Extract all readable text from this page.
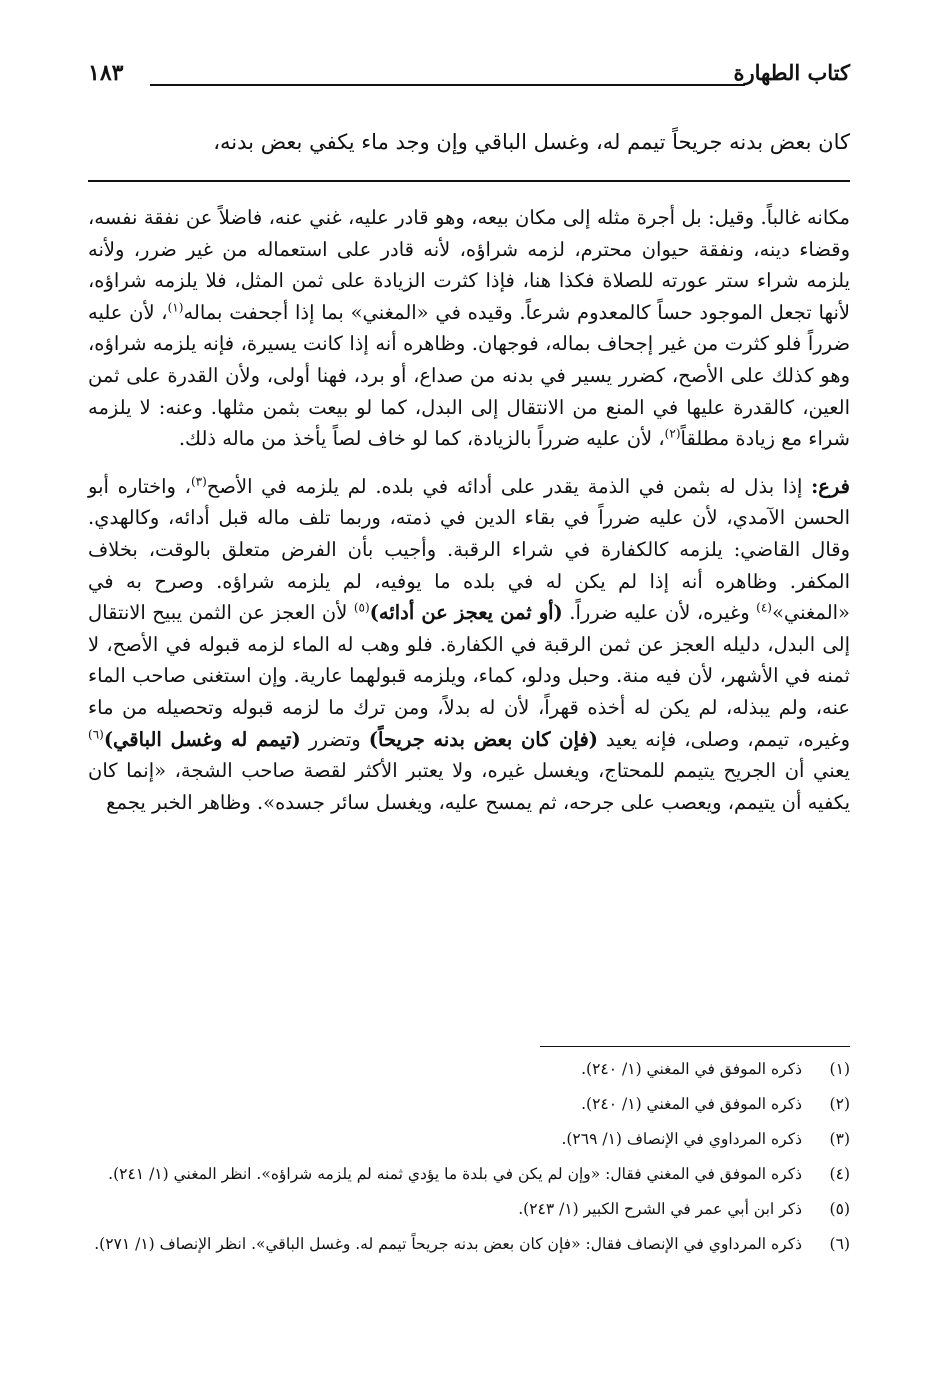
كتاب الطهارة
١٨٣
كان بعض بدنه جريحاً تيمم له، وغسل الباقي وإن وجد ماء يكفي بعض بدنه،

مكانه غالباً. وقيل: بل أجرة مثله إلى مكان بيعه، وهو قادر عليه، غني عنه، فاضلاً عن نفقة نفسه، وقضاء دينه، ونفقة حيوان محترم، لزمه شراؤه، لأنه قادر على استعماله من غير ضرر، ولأنه يلزمه شراء ستر عورته للصلاة فكذا هنا، فإذا كثرت الزيادة على ثمن المثل، فلا يلزمه شراؤه، لأنها تجعل الموجود حساً كالمعدوم شرعاً. وقيده في «المغني» بما إذا أجحفت بماله$^{(١)}$، لأن عليه ضرراً فلو كثرت من غير إجحاف بماله، فوجهان. وظاهره أنه إذا كانت يسيرة، فإنه يلزمه شراؤه، وهو كذلك على الأصح، كضرر يسير في بدنه من صداع، أو برد، فهنا أولى، ولأن القدرة على ثمن العين، كالقدرة عليها في المنع من الانتقال إلى البدل، كما لو بيعت بثمن مثلها. وعنه: لا يلزمه شراء مع زيادة مطلقاً$^{(٢)}$، لأن عليه ضرراً بالزيادة، كما لو خاف لصاً يأخذ من ماله ذلك.

فرع: إذا بذل له بثمن في الذمة يقدر على أدائه في بلده. لم يلزمه في الأصح$^{(٣)}$، واختاره أبو الحسن الآمدي، لأن عليه ضرراً في بقاء الدين في ذمته، وربما تلف ماله قبل أدائه، وكالهدي. وقال القاضي: يلزمه كالكفارة في شراء الرقبة. وأجيب بأن الفرض متعلق بالوقت، بخلاف المكفر. وظاهره أنه إذا لم يكن له في بلده ما يوفيه، لم يلزمه شراؤه. وصرح به في «المغني»$^{(٤)}$ وغيره، لأن عليه ضرراً. (أو ثمن يعجز عن أدائه)$^{(٥)}$ لأن العجز عن الثمن يبيح الانتقال إلى البدل، دليله العجز عن ثمن الرقبة في الكفارة. فلو وهب له الماء لزمه قبوله في الأصح، لا ثمنه في الأشهر، لأن فيه منة. وحبل ودلو، كماء، ويلزمه قبولهما عارية. وإن استغنى صاحب الماء عنه، ولم يبذله، لم يكن له أخذه قهراً، لأن له بدلاً، ومن ترك ما لزمه قبوله وتحصيله من ماء وغيره، تيمم، وصلى، فإنه يعيد (فإن كان بعض بدنه جريحاً) وتضرر (تيمم له وغسل الباقي)$^{(٦)}$ يعني أن الجريح يتيمم للمحتاج، ويغسل غيره، ولا يعتبر الأكثر لقصة صاحب الشجة، «إنما كان يكفيه أن يتيمم، ويعصب على جرحه، ثم يمسح عليه، ويغسل سائر جسده». وظاهر الخبر يجمع

(١)
ذكره الموفق في المغني (١/ ٢٤٠).
(٢)
ذكره الموفق في المغني (١/ ٢٤٠).
(٣)
ذكره المرداوي في الإنصاف (١/ ٢٦٩).
(٤)
ذكره الموفق في المغني فقال: «وإن لم يكن في بلدة ما يؤدي ثمنه لم يلزمه شراؤه». انظر المغني (١/ ٢٤١).
(٥)
ذكر ابن أبي عمر في الشرح الكبير (١/ ٢٤٣).
(٦)
ذكره المرداوي في الإنصاف فقال: «فإن كان بعض بدنه جريحاً تيمم له. وغسل الباقي». انظر الإنصاف (١/ ٢٧١).
